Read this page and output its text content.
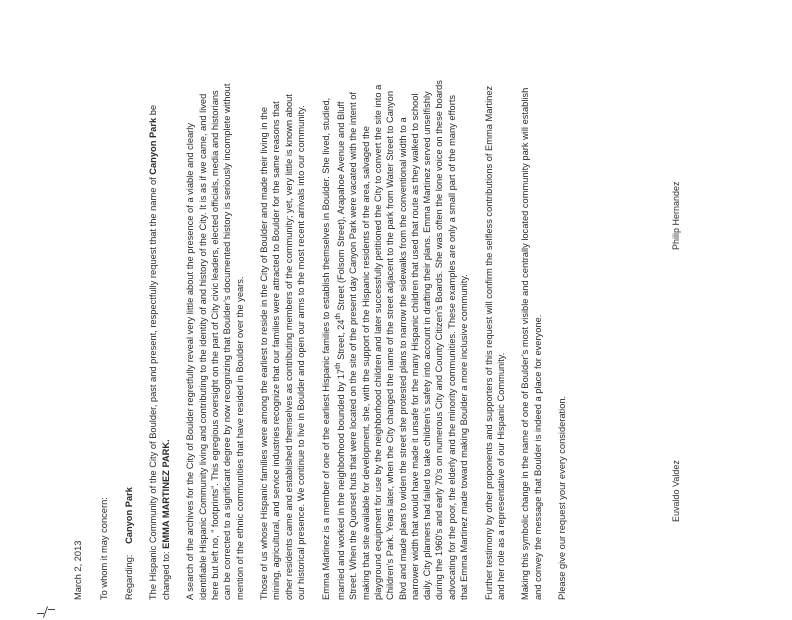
March 2, 2013 To whom it may concern: Regarding: Canyon Park The Hispanic Community of the City of Boulder, past and present, respectfully request that the name of Canyon Park be changed to: EMMA MARTINEZ PARK. A search of the archives for the City of Boulder regretfully reveal very little about the presence of a viable and clearly identifiable Hispanic Community living and contributing to the identity of and history of the City. It is as if we came, and lived here but left no, ” footprints”. This egregious oversight on the part of City civic leaders, elected officials, media and historians can be corrected to a significant degree by now recognizing that Boulder’s documented history is seriously incomplete without mention of the ethnic communities that have resided in Boulder over the years. Those of us whose Hispanic families were among the earliest to reside in the City of Boulder and made their living in the mining, agricultural, and service industries recognize that our families were attracted to Boulder for the same reasons that other residents came and established themselves as contributing members of the community; yet, very little is known about our historical presence. We continue to live in Boulder and open our arms to the most recent arrivals into our community. Emma Martinez is a member of one of the earliest Hispanic families to establish themselves in Boulder. She lived, studied, married and worked in the neighborhood bounded by 17th Street, 24th Street (Folsom Street), Arapahoe Avenue and Bluff Street. When the Quonset huts that were located on the site of the present day Canyon Park were vacated with the intent of making that site available for development, she, with the support of the Hispanic residents of the area, salvaged the playground equipment for use by the neighborhood children and later successfully petitioned the City to convert the site into a Children’s Park. Years later, when the City changed the name of the street adjacent to the park from Water Street to Canyon Blvd and made plans to widen the street she protested plans to narrow the sidewalks from the conventional width to a narrower width that would have made it unsafe for the many Hispanic children that used that route as they walked to school daily. City planners had failed to take children’s safety into account in drafting their plans. Emma Martinez served unselfishly during the 1960’s and early 70’s on numerous City and County Citizen’s Boards. She was often the lone voice on these boards advocating for the poor, the elderly and the minority communities. These examples are only a small part of the many efforts that Emma Martinez made toward making Boulder a more inclusive community. Further testimony by other proponents and supporters of this request will confirm the selfless contributions of Emma Martinez and her role as a representative of our Hispanic Community. Making this symbolic change in the name of one of Boulder’s most visible and centrally located community park will establish and convey the message that Boulder is indeed a place for everyone. Please give our request your every consideration.	Euvaldo Valdez
Philip Hernandez
